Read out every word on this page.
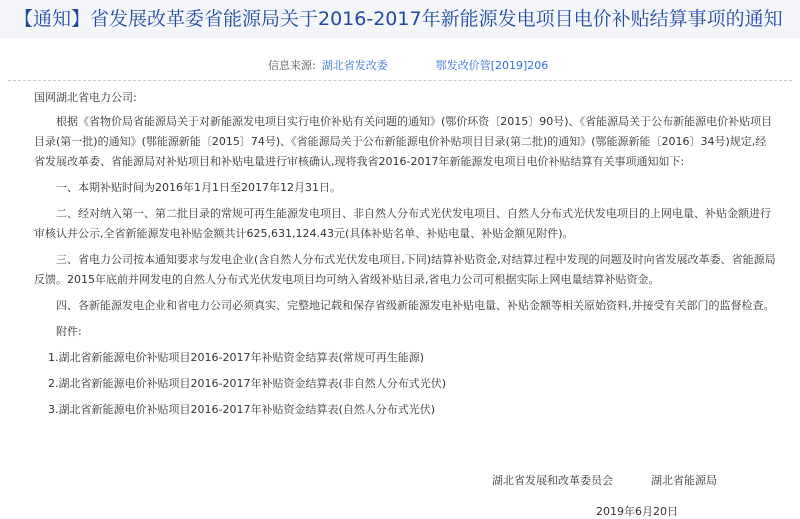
【通知】省发展改革委省能源局关于2016-2017年新能源发电项目电价补贴结算事项的通知
信息来源: 湖北省发改委	鄂发改价管[2019]206

国网湖北省电力公司:

根据《省物价局省能源局关于对新能源发电项目实行电价补贴有关问题的通知》(鄂价环资〔2015〕90号)、《省能源局关于公布新能源电价补贴项目目录(第一批)的通知》(鄂能源新能〔2015〕74号)、《省能源局关于公布新能源电价补贴项目目录(第二批)的通知》(鄂能源新能〔2016〕34号)规定,经省发展改革委、省能源局对补贴项目和补贴电量进行审核确认,现将我省2016-2017年新能源发电项目电价补贴结算有关事项通知如下:

一、本期补贴时间为2016年1月1日至2017年12月31日。

二、经对纳入第一、第二批目录的常规可再生能源发电项目、非自然人分布式光伏发电项目、自然人分布式光伏发电项目的上网电量、补贴金额进行审核认并公示,全省新能源发电补贴金额共计625,631,124.43元(具体补贴名单、补贴电量、补贴金额见附件)。

三、省电力公司按本通知要求与发电企业(含自然人分布式光伏发电项目,下同)结算补贴资金,对结算过程中发现的问题及时向省发展改革委、省能源局反馈。2015年底前并网发电的自然人分布式光伏发电项目均可纳入省级补贴目录,省电力公司可根据实际上网电量结算补贴资金。

四、各新能源发电企业和省电力公司必须真实、完整地记载和保存省级新能源发电补贴电量、补贴金额等相关原始资料,并接受有关部门的监督检查。

附件:

1.湖北省新能源电价补贴项目2016-2017年补贴资金结算表(常规可再生能源)

2.湖北省新能源电价补贴项目2016-2017年补贴资金结算表(非自然人分布式光伏)

3.湖北省新能源电价补贴项目2016-2017年补贴资金结算表(自然人分布式光伏)

湖北省发展和改革委员会	湖北省能源局
2019年6月20日
